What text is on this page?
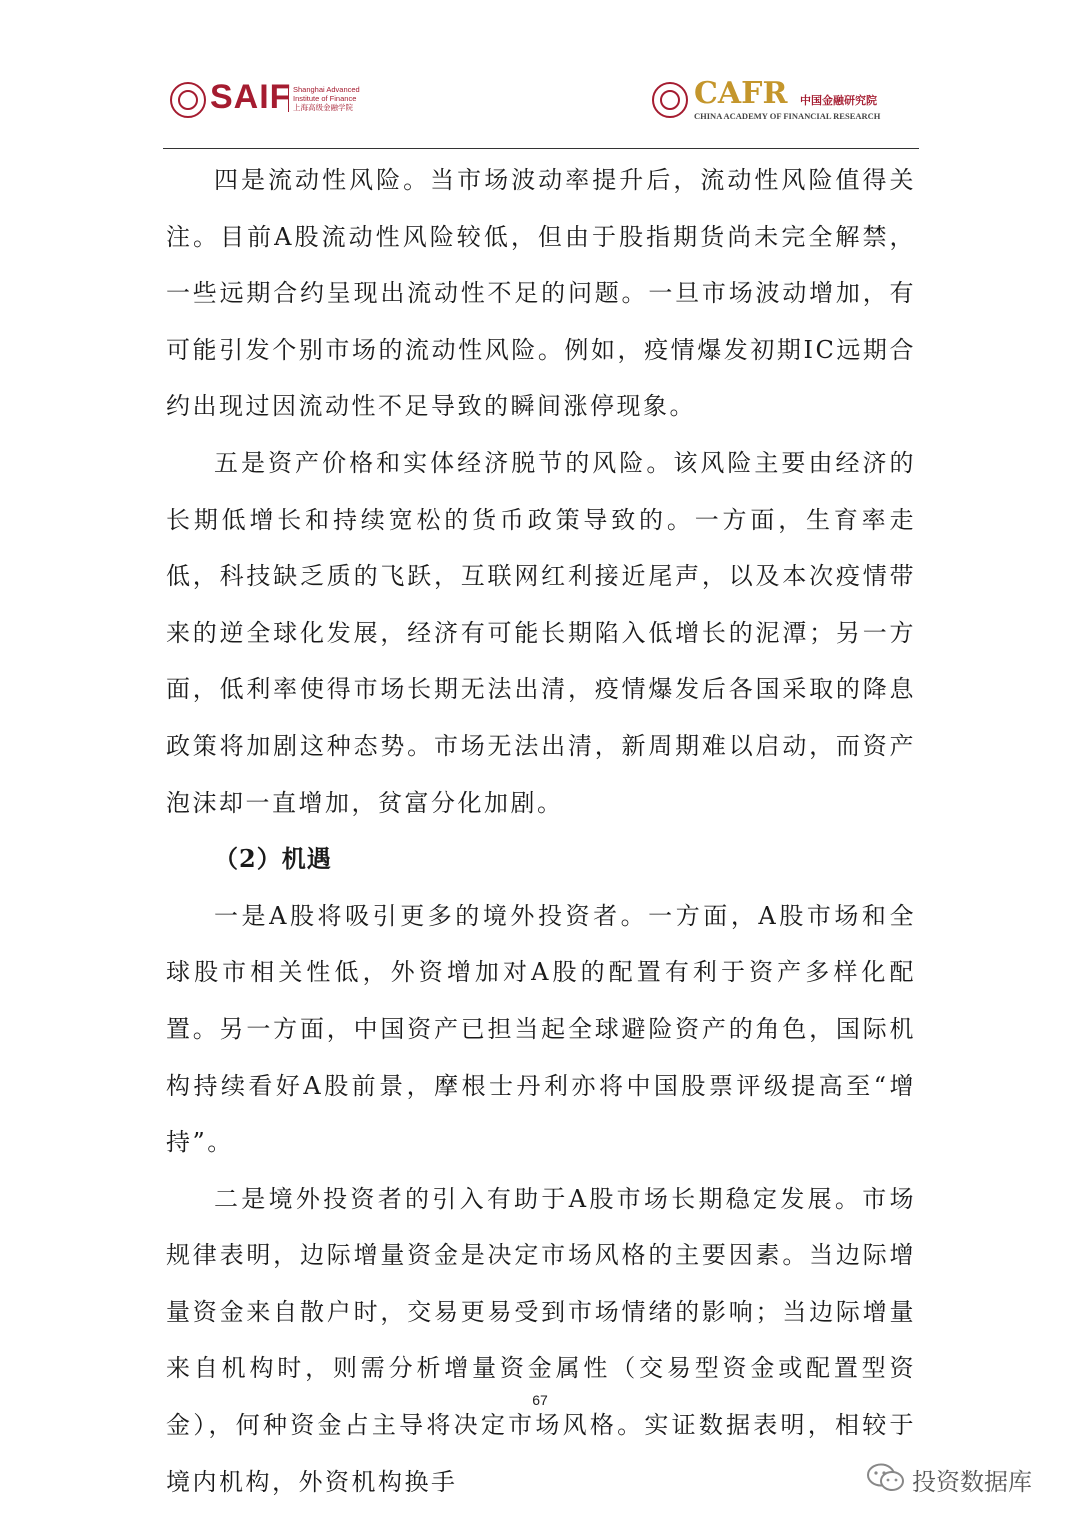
SAIF Shanghai Advanced
Institute of Finance
上海高级金融学院	CAFR 中国金融研究院
CHINA ACADEMY OF FINANCIAL RESEARCH

四是流动性风险。当市场波动率提升后，流动性风险值得关注。目前A股流动性风险较低，但由于股指期货尚未完全解禁，一些远期合约呈现出流动性不足的问题。一旦市场波动增加，有可能引发个别市场的流动性风险。例如，疫情爆发初期IC远期合约出现过因流动性不足导致的瞬间涨停现象。

五是资产价格和实体经济脱节的风险。该风险主要由经济的长期低增长和持续宽松的货币政策导致的。一方面，生育率走低，科技缺乏质的飞跃，互联网红利接近尾声，以及本次疫情带来的逆全球化发展，经济有可能长期陷入低增长的泥潭；另一方面，低利率使得市场长期无法出清，疫情爆发后各国采取的降息政策将加剧这种态势。市场无法出清，新周期难以启动，而资产泡沫却一直增加，贫富分化加剧。

（2）机遇

一是A股将吸引更多的境外投资者。一方面，A股市场和全球股市相关性低，外资增加对A股的配置有利于资产多样化配置。另一方面，中国资产已担当起全球避险资产的角色，国际机构持续看好A股前景，摩根士丹利亦将中国股票评级提高至“增持”。

二是境外投资者的引入有助于A股市场长期稳定发展。市场规律表明，边际增量资金是决定市场风格的主要因素。当边际增量资金来自散户时，交易更易受到市场情绪的影响；当边际增量来自机构时，则需分析增量资金属性（交易型资金或配置型资金），何种资金占主导将决定市场风格。实证数据表明，相较于境内机构，外资机构换手

67
投资数据库
